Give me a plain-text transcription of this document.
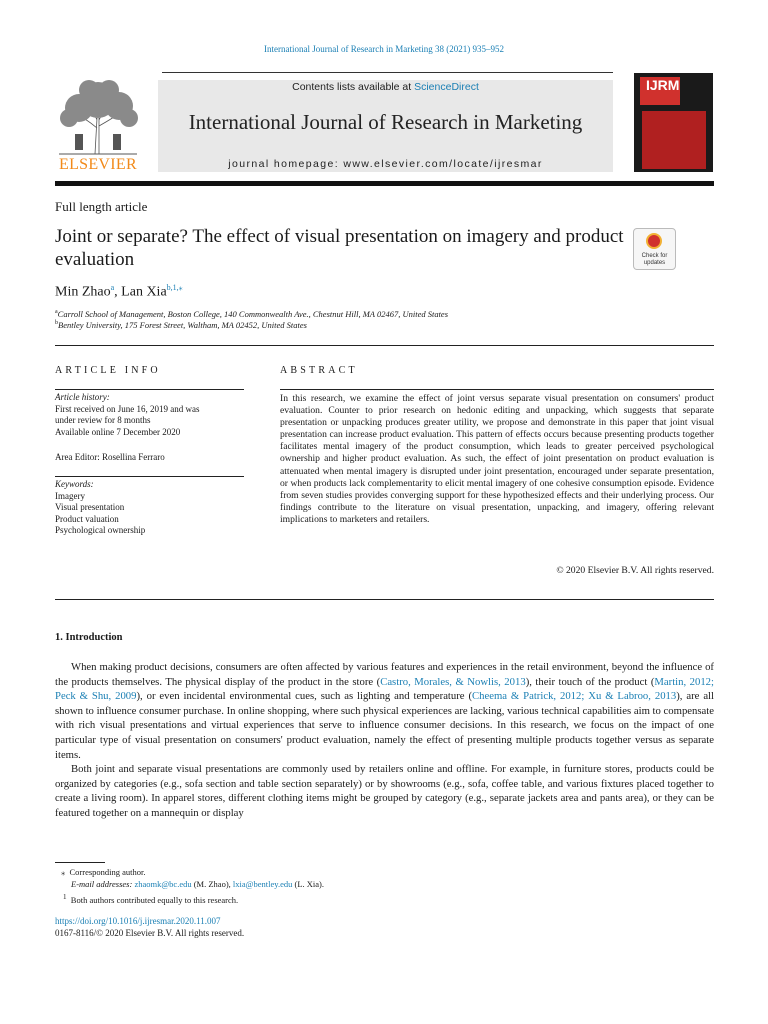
International Journal of Research in Marketing 38 (2021) 935–952
ELSEVIER
Contents lists available at ScienceDirect
International Journal of Research in Marketing
journal homepage: www.elsevier.com/locate/ijresmar
IJRM
Full length article
Joint or separate? The effect of visual presentation on imagery and product evaluation	Check for updates
Min Zhao$^a$, Lan Xia$^{b,1,⁎}$
$^a$Carroll School of Management, Boston College, 140 Commonwealth Ave., Chestnut Hill, MA 02467, United States
$^b$Bentley University, 175 Forest Street, Waltham, MA 02452, United States
ARTICLE INFO
Article history:
First received on June 16, 2019 and was
under review for 8 months
Available online 7 December 2020
Area Editor: Rosellina Ferraro
Keywords:
Imagery
Visual presentation
Product valuation
Psychological ownership
ABSTRACT
In this research, we examine the effect of joint versus separate visual presentation on consumers' product evaluation. Counter to prior research on hedonic editing and unpacking, which suggests that separate presentation or unpacking produces greater utility, we propose and demonstrate in this paper that joint visual presentation can increase product evaluation. This pattern of effects occurs because presenting products together facilitates mental imagery of the product consumption, which leads to greater perceived psychological ownership and higher product evaluation. As such, the effect of joint presentation on product evaluation is attenuated when mental imagery is disrupted under joint presentation, encouraged under separate presentation, or when products lack complementarity to elicit mental imagery of one cohesive consumption episode. Evidence from seven studies provides converging support for these hypothesized effects and their underlying process. Our findings contribute to the literature on visual presentation, unpacking, and imagery, offering relevant implications to marketers and retailers.
© 2020 Elsevier B.V. All rights reserved.
1. Introduction

When making product decisions, consumers are often affected by various features and experiences in the retail environment, beyond the influence of the products themselves. The physical display of the product in the store (Castro, Morales, & Nowlis, 2013), their touch of the product (Martin, 2012; Peck & Shu, 2009), or even incidental environmental cues, such as lighting and temperature (Cheema & Patrick, 2012; Xu & Labroo, 2013), are all shown to influence consumer purchase. In online shopping, where such physical experiences are lacking, various technical capabilities aim to compensate with rich visual presentations and virtual experiences that serve to influence consumer decisions. In this research, we focus on the impact of one particular type of visual presentation on consumers' product evaluation, namely the effect of presenting multiple products together versus as separate items.

Both joint and separate visual presentations are commonly used by retailers online and offline. For example, in furniture stores, products could be organized by categories (e.g., sofa section and table section separately) or by showrooms (e.g., sofa, coffee table, and various fixtures placed together to create a living room). In apparel stores, different clothing items might be grouped by category (e.g., separate jackets area and pants area), or they can be featured together on a mannequin or display

⁎ Corresponding author.
E-mail addresses: zhaomk@bc.edu (M. Zhao), lxia@bentley.edu (L. Xia).
$^1$ Both authors contributed equally to this research.
https://doi.org/10.1016/j.ijresmar.2020.11.007
0167-8116/© 2020 Elsevier B.V. All rights reserved.
